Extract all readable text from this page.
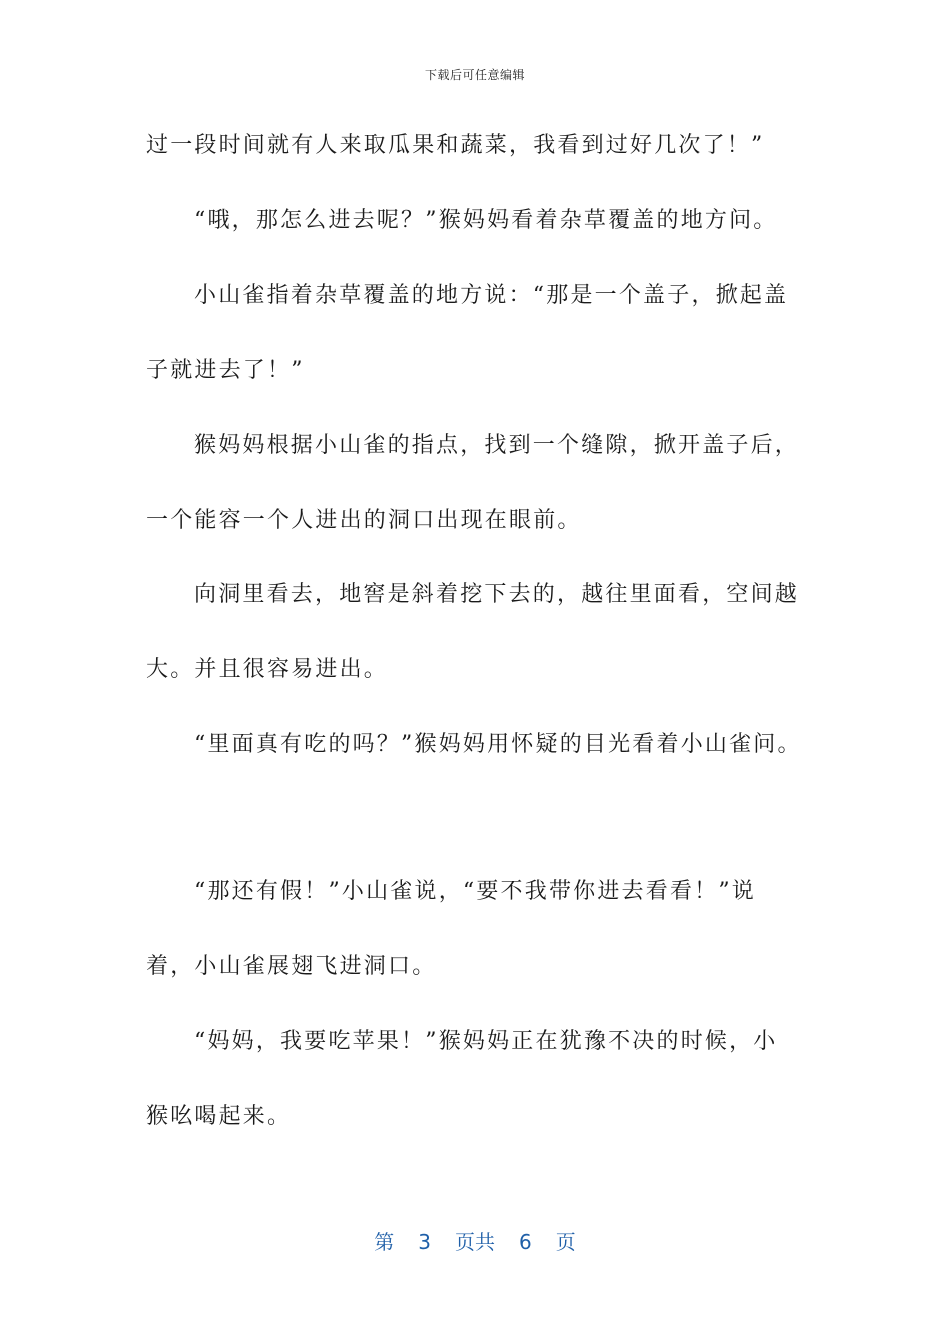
下载后可任意编辑
过一段时间就有人来取瓜果和蔬菜，我看到过好几次了！”
“哦，那怎么进去呢？”猴妈妈看着杂草覆盖的地方问。
小山雀指着杂草覆盖的地方说：“那是一个盖子，掀起盖
子就进去了！”
猴妈妈根据小山雀的指点，找到一个缝隙，掀开盖子后，
一个能容一个人进出的洞口出现在眼前。
向洞里看去，地窖是斜着挖下去的，越往里面看，空间越
大。并且很容易进出。
“里面真有吃的吗？”猴妈妈用怀疑的目光看着小山雀问。
“那还有假！”小山雀说，“要不我带你进去看看！”说
着，小山雀展翅飞进洞口。
“妈妈，我要吃苹果！”猴妈妈正在犹豫不决的时候，小
猴吆喝起来。
第 3 页共 6 页
